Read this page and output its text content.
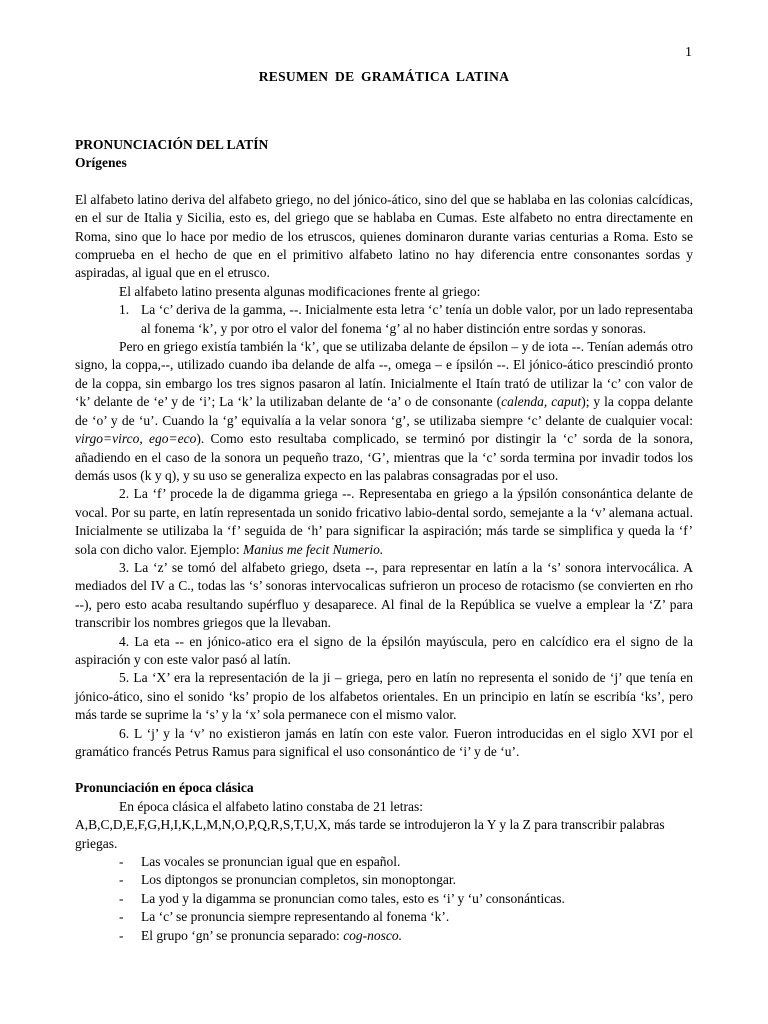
1
RESUMEN DE GRAMÁTICA LATINA

PRONUNCIACIÓN DEL LATÍN

Orígenes

El alfabeto latino deriva del alfabeto griego, no del jónico-ático, sino del que se hablaba en las colonias calcídicas, en el sur de Italia y Sicilia, esto es, del griego que se hablaba en Cumas. Este alfabeto no entra directamente en Roma, sino que lo hace por medio de los etruscos, quienes dominaron durante varias centurias a Roma. Esto se comprueba en el hecho de que en el primitivo alfabeto latino no hay diferencia entre consonantes sordas y aspiradas, al igual que en el etrusco.

El alfabeto latino presenta algunas modificaciones frente al griego:

1. La ‘c’ deriva de la gamma, --. Inicialmente esta letra ‘c’ tenía un doble valor, por un lado representaba al fonema ‘k’, y por otro el valor del fonema ‘g’ al no haber distinción entre sordas y sonoras.

Pero en griego existía también la ‘k’, que se utilizaba delante de épsilon – y de iota --. Tenían además otro signo, la coppa,--, utilizado cuando iba delande de alfa --, omega – e ípsilón --. El jónico-ático prescindió pronto de la coppa, sin embargo los tres signos pasaron al latín. Inicialmente el Itaín trató de utilizar la ‘c’ con valor de ‘k’ delante de ‘e’ y de ‘i’; La ‘k’ la utilizaban delante de ‘a’ o de consonante (calenda, caput); y la coppa delante de ‘o’ y de ‘u’. Cuando la ‘g’ equivalía a la velar sonora ‘g’, se utilizaba siempre ‘c’ delante de cualquier vocal: virgo=virco, ego=eco). Como esto resultaba complicado, se terminó por distingir la ‘c’ sorda de la sonora, añadiendo en el caso de la sonora un pequeño trazo, ‘G’, mientras que la ‘c’ sorda termina por invadir todos los demás usos (k y q), y su uso se generaliza expecto en las palabras consagradas por el uso.

2. La ‘f’ procede la de digamma griega --. Representaba en griego a la ýpsilón consonántica delante de vocal. Por su parte, en latín representada un sonido fricativo labio-dental sordo, semejante a la ‘v’ alemana actual. Inicialmente se utilizaba la ‘f’ seguida de ‘h’ para significar la aspiración; más tarde se simplifica y queda la ‘f’ sola con dicho valor. Ejemplo: Manius me fecit Numerio.

3. La ‘z’ se tomó del alfabeto griego, dseta --, para representar en latín a la ‘s’ sonora intervocálica. A mediados del IV a C., todas las ‘s’ sonoras intervocalicas sufrieron un proceso de rotacismo (se convierten en rho --), pero esto acaba resultando supérfluo y desaparece. Al final de la República se vuelve a emplear la ‘Z’ para transcribir los nombres griegos que la llevaban.

4. La eta -- en jónico-atico era el signo de la épsilón mayúscula, pero en calcídico era el signo de la aspiración y con este valor pasó al latín.

5. La ‘X’ era la representación de la ji – griega, pero en latín no representa el sonido de ‘j’ que tenía en jónico-ático, sino el sonido ‘ks’ propio de los alfabetos orientales. En un principio en latín se escribía ‘ks’, pero más tarde se suprime la ‘s’ y la ‘x’ sola permanece con el mismo valor.

6. L ‘j’ y la ‘v’ no existieron jamás en latín con este valor. Fueron introducidas en el siglo XVI por el gramático francés Petrus Ramus para significal el uso consonántico de ‘i’ y de ‘u’.

Pronunciación en época clásica

En época clásica el alfabeto latino constaba de 21 letras:

A,B,C,D,E,F,G,H,I,K,L,M,N,O,P,Q,R,S,T,U,X, más tarde se introdujeron la Y y la Z para transcribir palabras griegas.

- Las vocales se pronuncian igual que en español.
- Los diptongos se pronuncian completos, sin monoptongar.
- La yod y la digamma se pronuncian como tales, esto es ‘i’ y ‘u’ consonánticas.
- La ‘c’ se pronuncia siempre representando al fonema ‘k’.
- El grupo ‘gn’ se pronuncia separado: cog-nosco.
